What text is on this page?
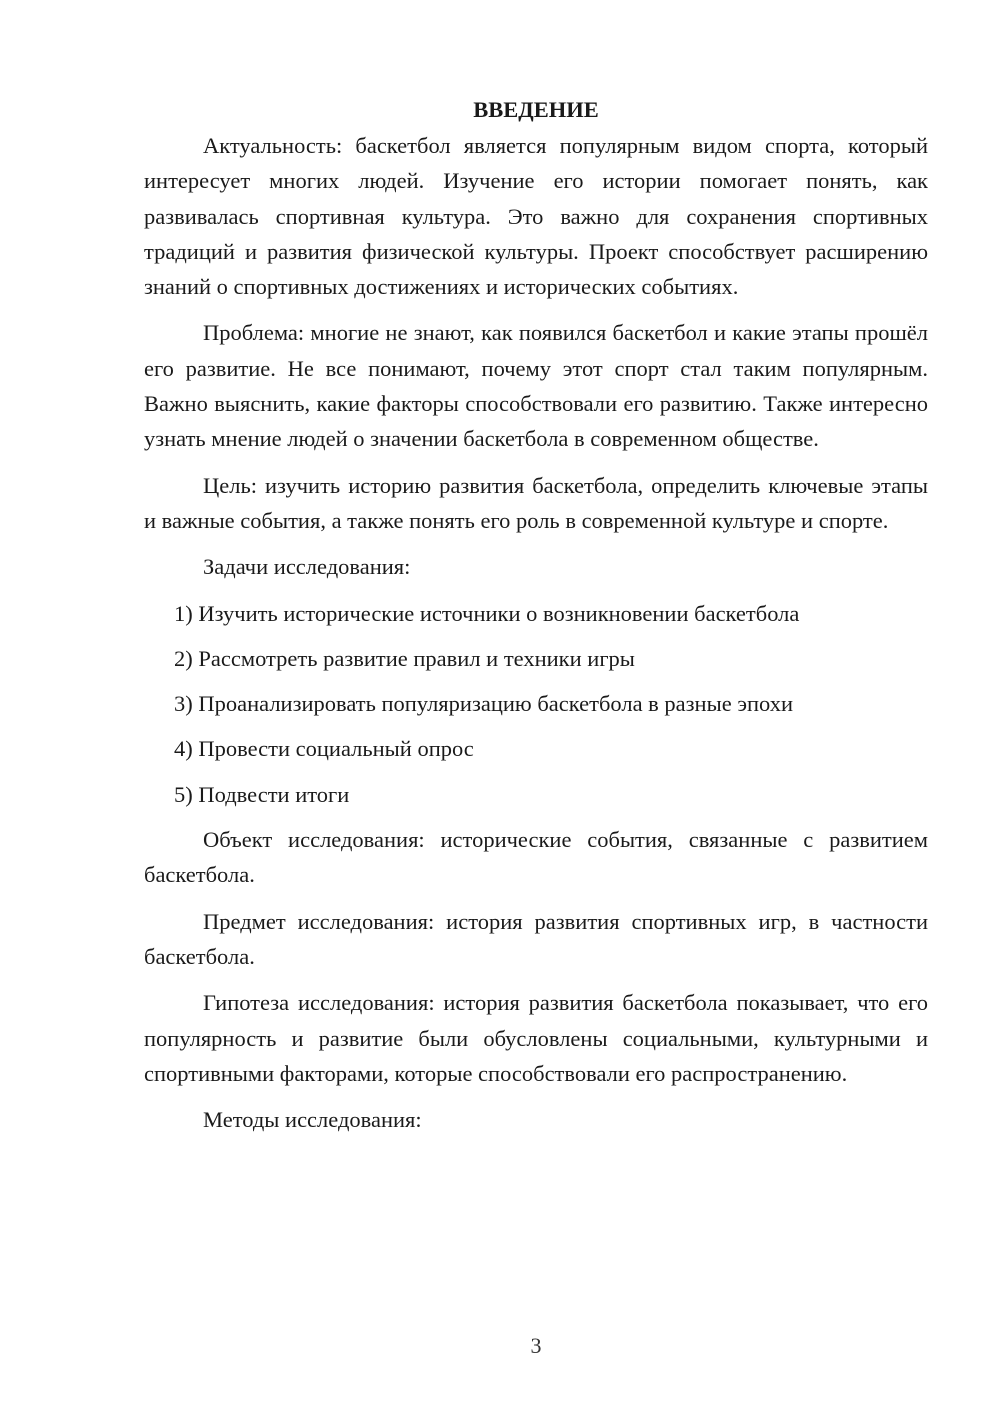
ВВЕДЕНИЕ

Актуальность: баскетбол является популярным видом спорта, который интересует многих людей. Изучение его истории помогает понять, как развивалась спортивная культура. Это важно для сохранения спортивных традиций и развития физической культуры. Проект способствует расширению знаний о спортивных достижениях и исторических событиях.

Проблема: многие не знают, как появился баскетбол и какие этапы прошёл его развитие. Не все понимают, почему этот спорт стал таким популярным. Важно выяснить, какие факторы способствовали его развитию. Также интересно узнать мнение людей о значении баскетбола в современном обществе.

Цель: изучить историю развития баскетбола, определить ключевые этапы и важные события, а также понять его роль в современной культуре и спорте.

Задачи исследования:

1) Изучить исторические источники о возникновении баскетбола
2) Рассмотреть развитие правил и техники игры
3) Проанализировать популяризацию баскетбола в разные эпохи
4) Провести социальный опрос
5) Подвести итоги

Объект исследования: исторические события, связанные с развитием баскетбола.

Предмет исследования: история развития спортивных игр, в частности баскетбола.

Гипотеза исследования: история развития баскетбола показывает, что его популярность и развитие были обусловлены социальными, культурными и спортивными факторами, которые способствовали его распространению.

Методы исследования:

3
